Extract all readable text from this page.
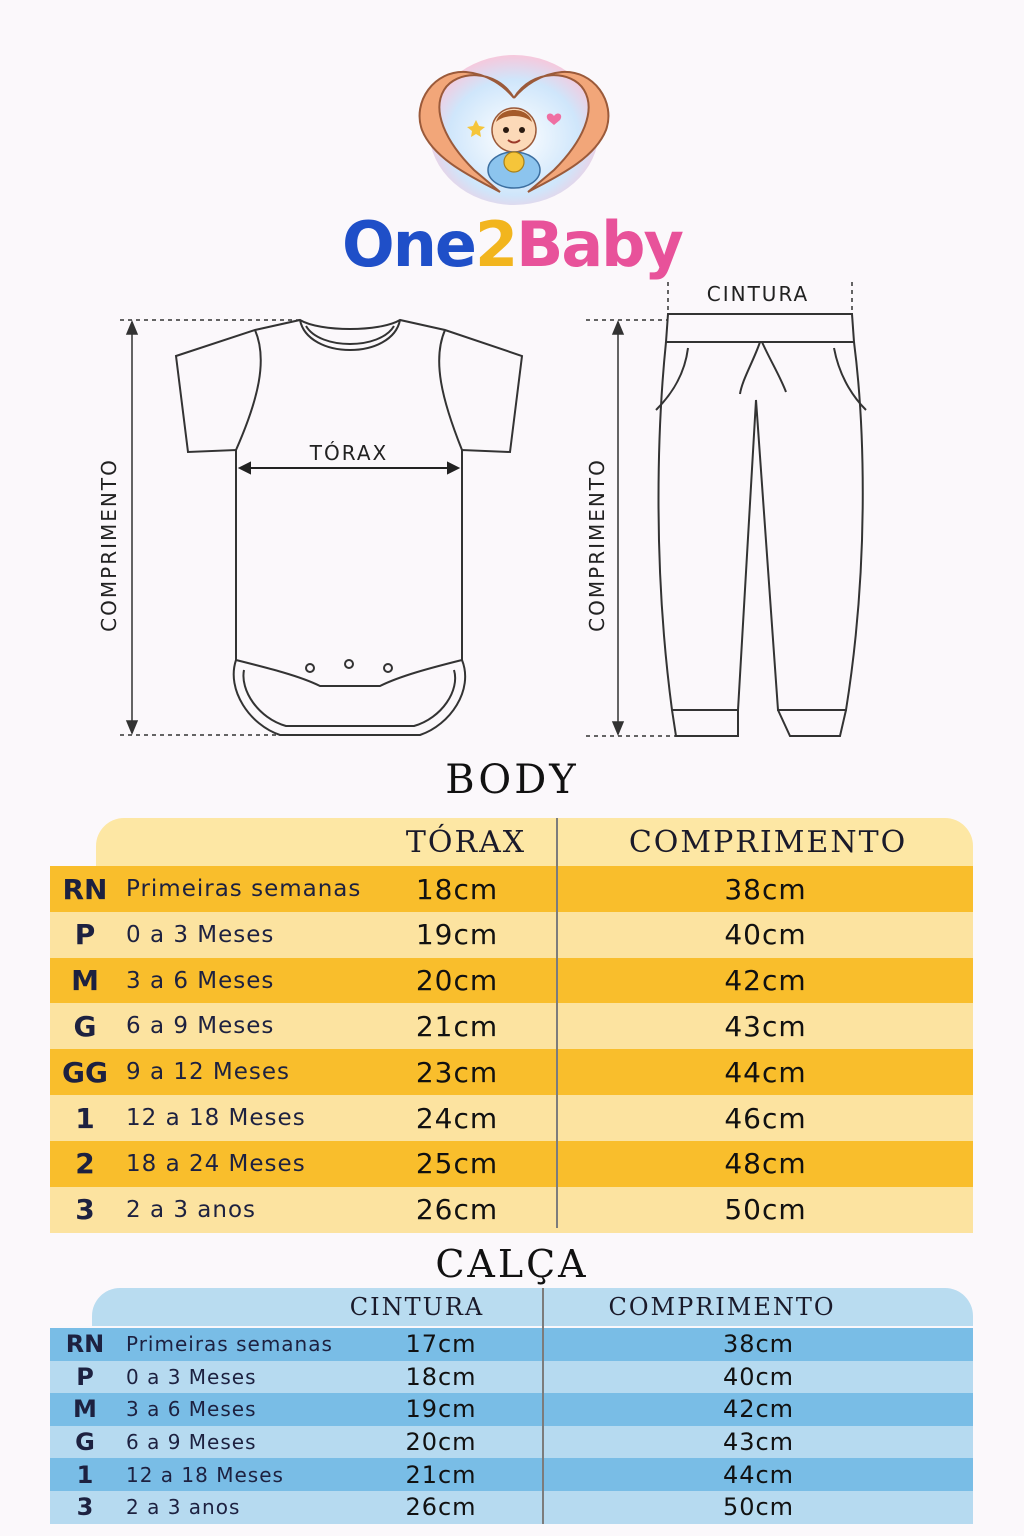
One2Baby
TÓRAX
COMPRIMENTO
CINTURA
COMPRIMENTO
BODY
TÓRAX	COMPRIMENTO
RN Primeiras semanas	18cm	38cm
P	0 a 3 Meses	19cm	40cm
M	3 a 6 Meses	20cm	42cm
G	6 a 9 Meses	21cm	43cm
GG 9 a 12 Meses	23cm	44cm
1	12 a 18 Meses	24cm	46cm
2	18 a 24 Meses	25cm	48cm
3	2 a 3 anos	26cm	50cm
CALÇA
CINTURA	COMPRIMENTO
RN	Primeiras semanas	17cm	38cm
P	0 a 3 Meses	18cm	40cm
M	3 a 6 Meses	19cm	42cm
G	6 a 9 Meses	20cm	43cm
1	12 a 18 Meses	21cm	44cm
3	2 a 3 anos	26cm	50cm
